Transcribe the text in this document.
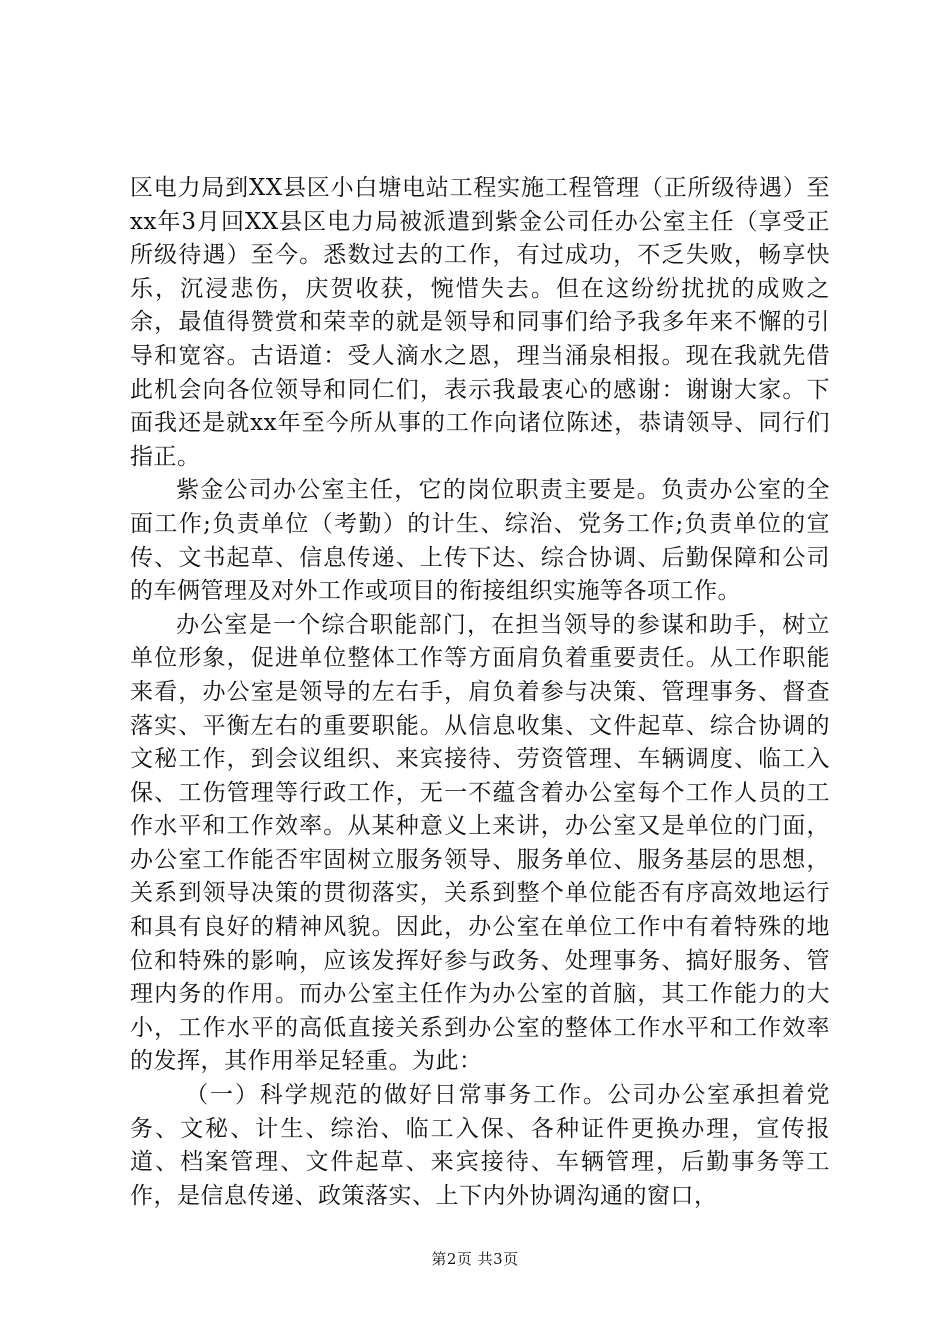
区电力局到XX县区小白塘电站工程实施工程管理（正所级待遇）至xx年3月回XX县区电力局被派遣到紫金公司任办公室主任（享受正所级待遇）至今。悉数过去的工作，有过成功，不乏失败，畅享快乐，沉浸悲伤，庆贺收获，惋惜失去。但在这纷纷扰扰的成败之余，最值得赞赏和荣幸的就是领导和同事们给予我多年来不懈的引导和宽容。古语道：受人滴水之恩，理当涌泉相报。现在我就先借此机会向各位领导和同仁们，表示我最衷心的感谢：谢谢大家。下面我还是就xx年至今所从事的工作向诸位陈述，恭请领导、同行们指正。

紫金公司办公室主任，它的岗位职责主要是。负责办公室的全面工作;负责单位（考勤）的计生、综治、党务工作;负责单位的宣传、文书起草、信息传递、上传下达、综合协调、后勤保障和公司的车俩管理及对外工作或项目的衔接组织实施等各项工作。

办公室是一个综合职能部门，在担当领导的参谋和助手，树立单位形象，促进单位整体工作等方面肩负着重要责任。从工作职能来看，办公室是领导的左右手，肩负着参与决策、管理事务、督查落实、平衡左右的重要职能。从信息收集、文件起草、综合协调的文秘工作，到会议组织、来宾接待、劳资管理、车辆调度、临工入保、工伤管理等行政工作，无一不蕴含着办公室每个工作人员的工作水平和工作效率。从某种意义上来讲，办公室又是单位的门面，办公室工作能否牢固树立服务领导、服务单位、服务基层的思想，关系到领导决策的贯彻落实，关系到整个单位能否有序高效地运行和具有良好的精神风貌。因此，办公室在单位工作中有着特殊的地位和特殊的影响，应该发挥好参与政务、处理事务、搞好服务、管理内务的作用。而办公室主任作为办公室的首脑，其工作能力的大小，工作水平的高低直接关系到办公室的整体工作水平和工作效率的发挥，其作用举足轻重。为此：

（一）科学规范的做好日常事务工作。公司办公室承担着党务、文秘、计生、综治、临工入保、各种证件更换办理，宣传报道、档案管理、文件起草、来宾接待、车辆管理，后勤事务等工作，是信息传递、政策落实、上下内外协调沟通的窗口，

第2页 共3页
